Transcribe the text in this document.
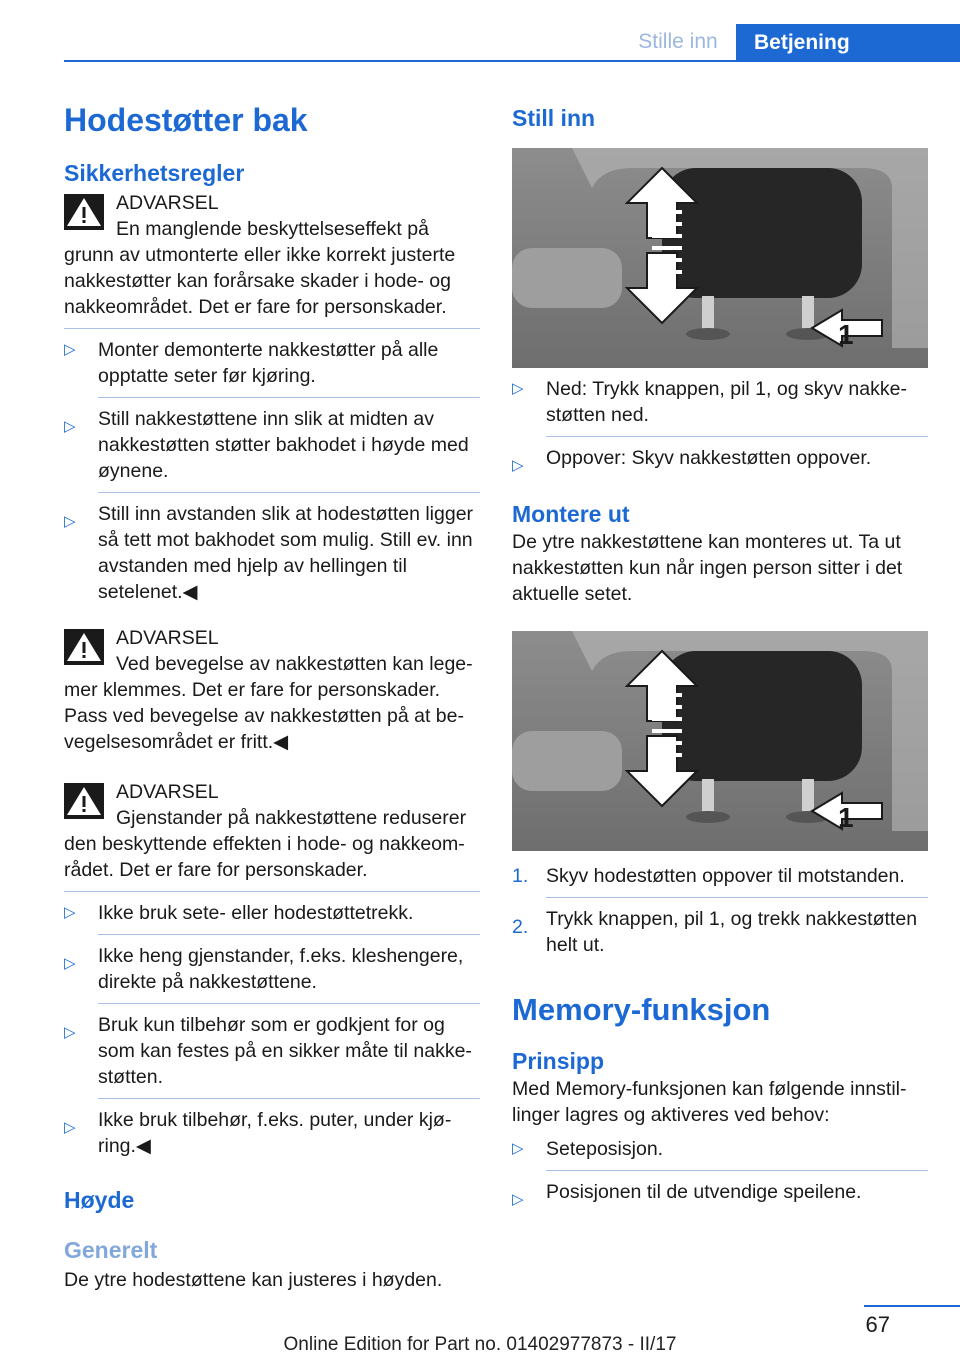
Stille inn	Betjening
Hodestøtter bak
Sikkerhetsregler
ADVARSEL
En manglende beskyttelseseffekt på grunn av utmonterte eller ikke korrekt justerte nakkestøtter kan forårsake skader i hode- og nakkeområdet. Det er fare for personskader.
▷ Monter demonterte nakkestøtter på alle opptatte seter før kjøring.
▷ Still nakkestøttene inn slik at midten av nakkestøtten støtter bakhodet i høyde med øynene.
▷ Still inn avstanden slik at hodestøtten ligger så tett mot bakhodet som mulig. Still ev. inn avstanden med hjelp av hellingen til setelenet.◀
ADVARSEL
Ved bevegelse av nakkestøtten kan legemer klemmes. Det er fare for personskader. Pass ved bevegelse av nakkestøtten på at bevegelsesområdet er fritt.◀
ADVARSEL
Gjenstander på nakkestøttene reduserer den beskyttende effekten i hode- og nakkeområdet. Det er fare for personskader.
▷ Ikke bruk sete- eller hodestøttetrekk.
▷ Ikke heng gjenstander, f.eks. kleshengere, direkte på nakkestøttene.
▷ Bruk kun tilbehør som er godkjent for og som kan festes på en sikker måte til nakkestøtten.
▷ Ikke bruk tilbehør, f.eks. puter, under kjøring.◀
Høyde
Generelt

De ytre hodestøttene kan justeres i høyden.

Still inn
1
▷ Ned: Trykk knappen, pil 1, og skyv nakkestøtten ned.
▷ Oppover: Skyv nakkestøtten oppover.
Montere ut

De ytre nakkestøttene kan monteres ut. Ta ut nakkestøtten kun når ingen person sitter i det aktuelle setet.

1
1. Skyv hodestøtten oppover til motstanden.
2. Trykk knappen, pil 1, og trekk nakkestøtten helt ut.
Memory-funksjon
Prinsipp

Med Memory-funksjonen kan følgende innstillinger lagres og aktiveres ved behov:

▷ Seteposisjon.
▷ Posisjonen til de utvendige speilene.
67
Online Edition for Part no. 01402977873 - II/17
